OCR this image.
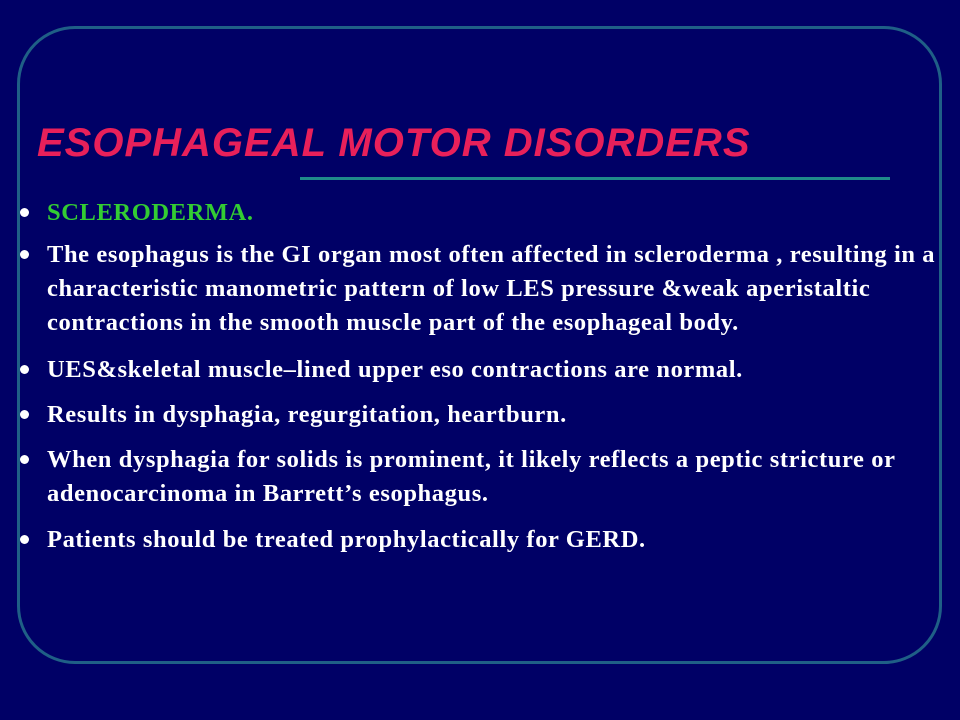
ESOPHAGEAL MOTOR DISORDERS
SCLERODERMA.
The esophagus is the GI organ most often affected in scleroderma , resulting in a characteristic manometric pattern of low LES pressure &weak aperistaltic contractions in the smooth muscle part of the esophageal body.
UES&skeletal muscle–lined upper eso contractions are normal.
Results in dysphagia, regurgitation, heartburn.
When dysphagia for solids is prominent, it likely reflects a peptic stricture or adenocarcinoma in Barrett’s esophagus.
Patients should be treated prophylactically for GERD.
